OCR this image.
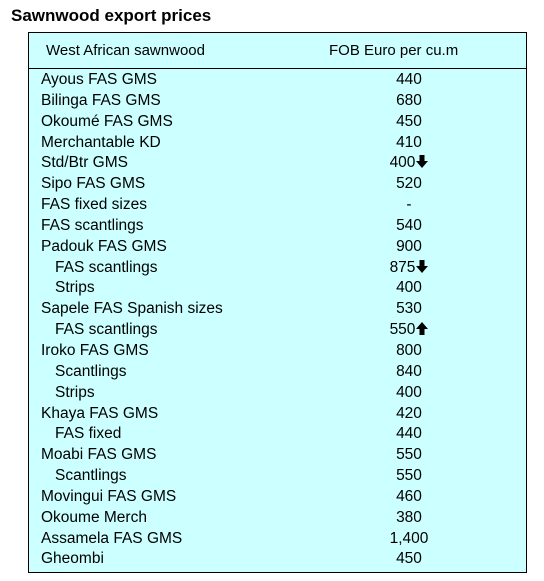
Sawnwood export prices
West African sawnwood	FOB Euro per cu.m
Ayous FAS GMS	440
Bilinga FAS GMS	680
Okoumé FAS GMS	450
Merchantable KD	410
Std/Btr GMS	400
Sipo FAS GMS	520
FAS fixed sizes	-
FAS scantlings	540
Padouk FAS GMS	900
FAS scantlings	875
Strips	400
Sapele FAS Spanish sizes	530
FAS scantlings	550
Iroko FAS GMS	800
Scantlings	840
Strips	400
Khaya FAS GMS	420
FAS fixed	440
Moabi FAS GMS	550
Scantlings	550
Movingui FAS GMS	460
Okoume Merch	380
Assamela FAS GMS	1,400
Gheombi	450
